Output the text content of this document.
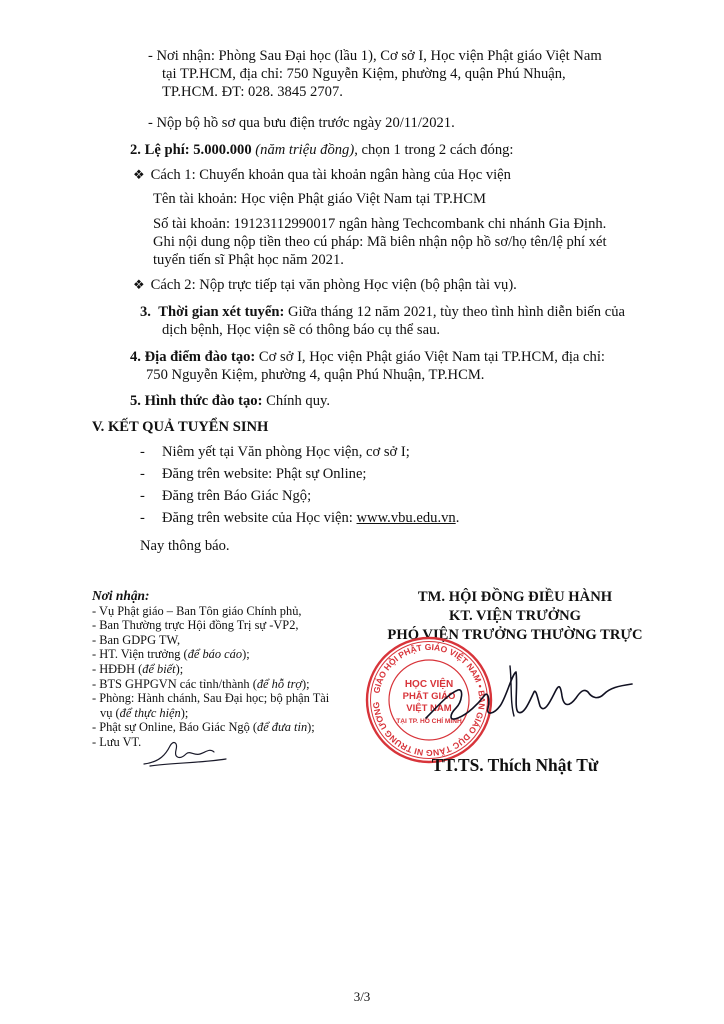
- Nơi nhận: Phòng Sau Đại học (lầu 1), Cơ sở I, Học viện Phật giáo Việt Nam
tại TP.HCM, địa chỉ: 750 Nguyễn Kiệm, phường 4, quận Phú Nhuận,
TP.HCM. ĐT: 028. 3845 2707.
- Nộp bộ hồ sơ qua bưu điện trước ngày 20/11/2021.
2. Lệ phí: 5.000.000 (năm triệu đồng), chọn 1 trong 2 cách đóng:
❖ Cách 1: Chuyển khoản qua tài khoản ngân hàng của Học viện
Tên tài khoản: Học viện Phật giáo Việt Nam tại TP.HCM
Số tài khoản: 19123112990017 ngân hàng Techcombank chi nhánh Gia Định.
Ghi nội dung nộp tiền theo cú pháp: Mã biên nhận nộp hồ sơ/họ tên/lệ phí xét
tuyển tiến sĩ Phật học năm 2021.
❖ Cách 2: Nộp trực tiếp tại văn phòng Học viện (bộ phận tài vụ).
3. Thời gian xét tuyển: Giữa tháng 12 năm 2021, tùy theo tình hình diễn biến của
dịch bệnh, Học viện sẽ có thông báo cụ thể sau.
4. Địa điểm đào tạo: Cơ sở I, Học viện Phật giáo Việt Nam tại TP.HCM, địa chỉ:
750 Nguyễn Kiệm, phường 4, quận Phú Nhuận, TP.HCM.
5. Hình thức đào tạo: Chính quy.
V. KẾT QUẢ TUYỂN SINH
- Niêm yết tại Văn phòng Học viện, cơ sở I;
- Đăng trên website: Phật sự Online;
- Đăng trên Báo Giác Ngộ;
- Đăng trên website của Học viện: www.vbu.edu.vn.
Nay thông báo.
Nơi nhận:
- Vụ Phật giáo – Ban Tôn giáo Chính phủ,
- Ban Thường trực Hội đồng Trị sự -VP2,
- Ban GDPG TW,
- HT. Viện trưởng (để báo cáo);
- HĐĐH (để biết);
- BTS GHPGVN các tỉnh/thành (để hỗ trợ);
- Phòng: Hành chánh, Sau Đại học; bộ phận Tài
vụ (để thực hiện);
- Phật sự Online, Báo Giác Ngộ (để đưa tin);
- Lưu VT.
TM. HỘI ĐỒNG ĐIỀU HÀNH
KT. VIỆN TRƯỞNG
PHÓ VIỆN TRƯỞNG THƯỜNG TRỰC
GIÁO HỘI PHẬT GIÁO VIỆT NAM • BAN GIÁO DỤC TĂNG NI TRUNG ƯƠNG
HỌC VIỆN
PHẬT GIÁO
VIỆT NAM
TẠI TP. HỒ CHÍ MINH
TT.TS. Thích Nhật Từ
3/3
